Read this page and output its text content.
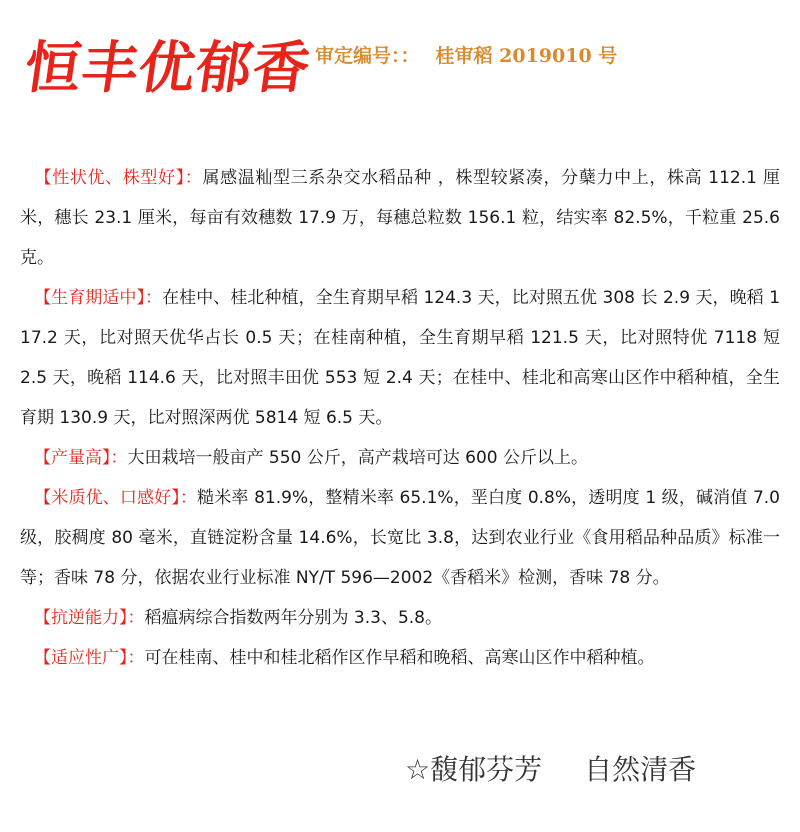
恒丰优郁香 审定编号：： 桂审稻 2019010 号

【性状优、株型好】：属感温籼型三系杂交水稻品种 ，株型较紧凑，分蘖力中上，株高 112.1 厘米，穗长 23.1 厘米，每亩有效穗数 17.9 万，每穗总粒数 156.1 粒，结实率 82.5%，千粒重 25.6 克。

【生育期适中】：在桂中、桂北种植，全生育期早稻 124.3 天，比对照五优 308 长 2.9 天，晚稻 117.2 天，比对照天优华占长 0.5 天；在桂南种植，全生育期早稻 121.5 天，比对照特优 7118 短 2.5 天，晚稻 114.6 天，比对照丰田优 553 短 2.4 天；在桂中、桂北和高寒山区作中稻种植，全生育期 130.9 天，比对照深两优 5814 短 6.5 天。

【产量高】：大田栽培一般亩产 550 公斤，高产栽培可达 600 公斤以上。

【米质优、口感好】：糙米率 81.9%，整精米率 65.1%，垩白度 0.8%，透明度 1 级，碱消值 7.0 级，胶稠度 80 毫米，直链淀粉含量 14.6%，长宽比 3.8，达到农业行业《食用稻品种品质》标准一等；香味 78 分，依据农业行业标准 NY/T 596—2002《香稻米》检测，香味 78 分。

【抗逆能力】：稻瘟病综合指数两年分别为 3.3、5.8。

【适应性广】：可在桂南、桂中和桂北稻作区作早稻和晚稻、高寒山区作中稻种植。

☆馥郁芬芳 自然清香
